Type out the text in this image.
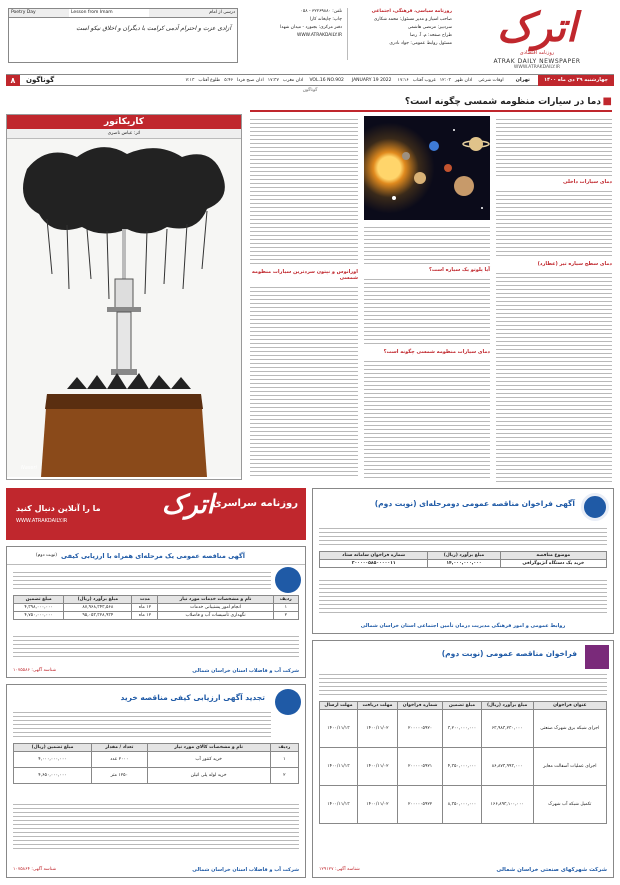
اترک
روزنامه اقتصادی
ATRAK DAILY NEWSPAPER
WWW.ATRAKDAILY.IR
روزنامه سیاسی، فرهنگی، اجتماعی
صاحب امتیاز و مدیر مسئول: محمد شکاری
سردبیر: مرتضی هاشمی
طراح صفحه: م. آ. رضا
مسئول روابط عمومی: جواد نادری
تلفن: ۳۲۲۶۹۸۸۰ - ۰۵۸
چاپ: چاپخانه کارا
دفتر مرکزی: بجنورد - میدان شهدا
WWW.ATRAKDAILY.IR
Poetry Day	Lesson from Imam	درسی از امام
آزادی عزت و احترام آدمی کرامت با دیگران و اخلاق نیکو است
چهارشنبه ۲۹ دی ماه ۱۴۰۰
تهران
اوقات شرعی
اذان ظهر
۱۲:۰۳
غروب آفتاب
۱۷:۱۶
JANUARY 19 2022
VOL.16 NO.902
اذان مغرب
۱۷:۳۷
اذان صبح فردا
۵:۴۶
طلوع آفتاب
۷:۱۳
گوناگون
۸
گوناگون
■ دما در سیارات منظومه شمسی چگونه است؟
دمای سیارات داخلی
دمای سطح سیاره تیر (عطارد)
آیا پلوتو یک سیاره است؟
دمای سیارات منظومه شمسی چگونه است؟
اورانوس و نپتون سردترین سیارات منظومه شمسی
کاریکاتور
اثر: عباس ناصری
Naseri
روزنامه سراسری
اترک
ما را آنلاین دنبال کنید
WWW.ATRAKDAILY.IR
آگهی مناقصه عمومی یک مرحله‌ای همراه با ارزیابی کیفی
(نوبت دوم)
ردیف	نام و مشخصات خدمات مورد نیاز	مدت	مبلغ برآورد (ریال)	مبلغ تضمین
۱	انجام امور پشتیبانی خدمات	۱۲ ماه	۸۷,۹۶۸,۳۴۳,۵۶۸	۴,۳۹۸,۰۰۰,۰۰۰
۲	نگهداری تأسیسات آب و فاضلاب	۱۲ ماه	۹۵,۰۵۳,۳۲۸,۹۳۴	۴,۷۵۰,۰۰۰,۰۰۰
شرکت آب و فاضلاب استان خراسان شمالی
شناسه آگهی: ۱۰۷۵۵۸۶
تجدید آگهی ارزیابی کیفی مناقصه خرید
ردیف	نام و مشخصات کالای مورد نیاز	تعداد / مقدار	مبلغ تضمین (ریال)
۱	خرید کنتور آب	۲۰۰۰ عدد	۴,۰۰۰,۰۰۰,۰۰۰
۲	خرید لوله پلی اتیلن	۱۲۵۰ متر	۴,۶۵۰,۰۰۰,۰۰۰
شرکت آب و فاضلاب استان خراسان شمالی
شناسه آگهی: ۱۰۷۵۸۶۴
آگهی فراخوان مناقصه عمومی دومرحله‌ای (نوبت دوم)
موضوع مناقصه	مبلغ برآورد (ریال)	شماره فراخوان سامانه ستاد
خرید یک دستگاه آنژیوگرافی	۱۴,۰۰۰,۰۰۰,۰۰۰	۲۰۰۰۰۰۵۸۵۰۰۰۰۰۱۱
روابط عمومی و امور فرهنگی مدیریت درمان تأمین اجتماعی استان خراسان شمالی
فراخوان مناقصه عمومی (نوبت دوم)
عنوان فراخوان	مبلغ برآورد (ریال)	مبلغ تضمین	شماره فراخوان	مهلت دریافت	مهلت ارسال
اجرای شبکه برق شهرک صنعتی	۶۳,۹۸۳,۲۳۰,۰۰۰	۳,۲۰۰,۰۰۰,۰۰۰	۲۰۰۰۰۰۵۹۲۰	۱۴۰۰/۱۱/۰۲	۱۴۰۰/۱۱/۱۳
اجرای عملیات آسفالت معابر	۸۶,۸۷۳,۹۹۳,۰۰۰	۴,۳۵۰,۰۰۰,۰۰۰	۲۰۰۰۰۰۵۹۲۱	۱۴۰۰/۱۱/۰۲	۱۴۰۰/۱۱/۱۳
تکمیل شبکه آب شهرک	۱۶۶,۸۹۳,۱۰۰,۰۰۰	۸,۳۵۰,۰۰۰,۰۰۰	۲۰۰۰۰۰۵۹۲۲	۱۴۰۰/۱۱/۰۲	۱۴۰۰/۱۱/۱۳
شرکت شهرکهای صنعتی خراسان شمالی
شناسه آگهی: ۱۲۹۱۲۷
